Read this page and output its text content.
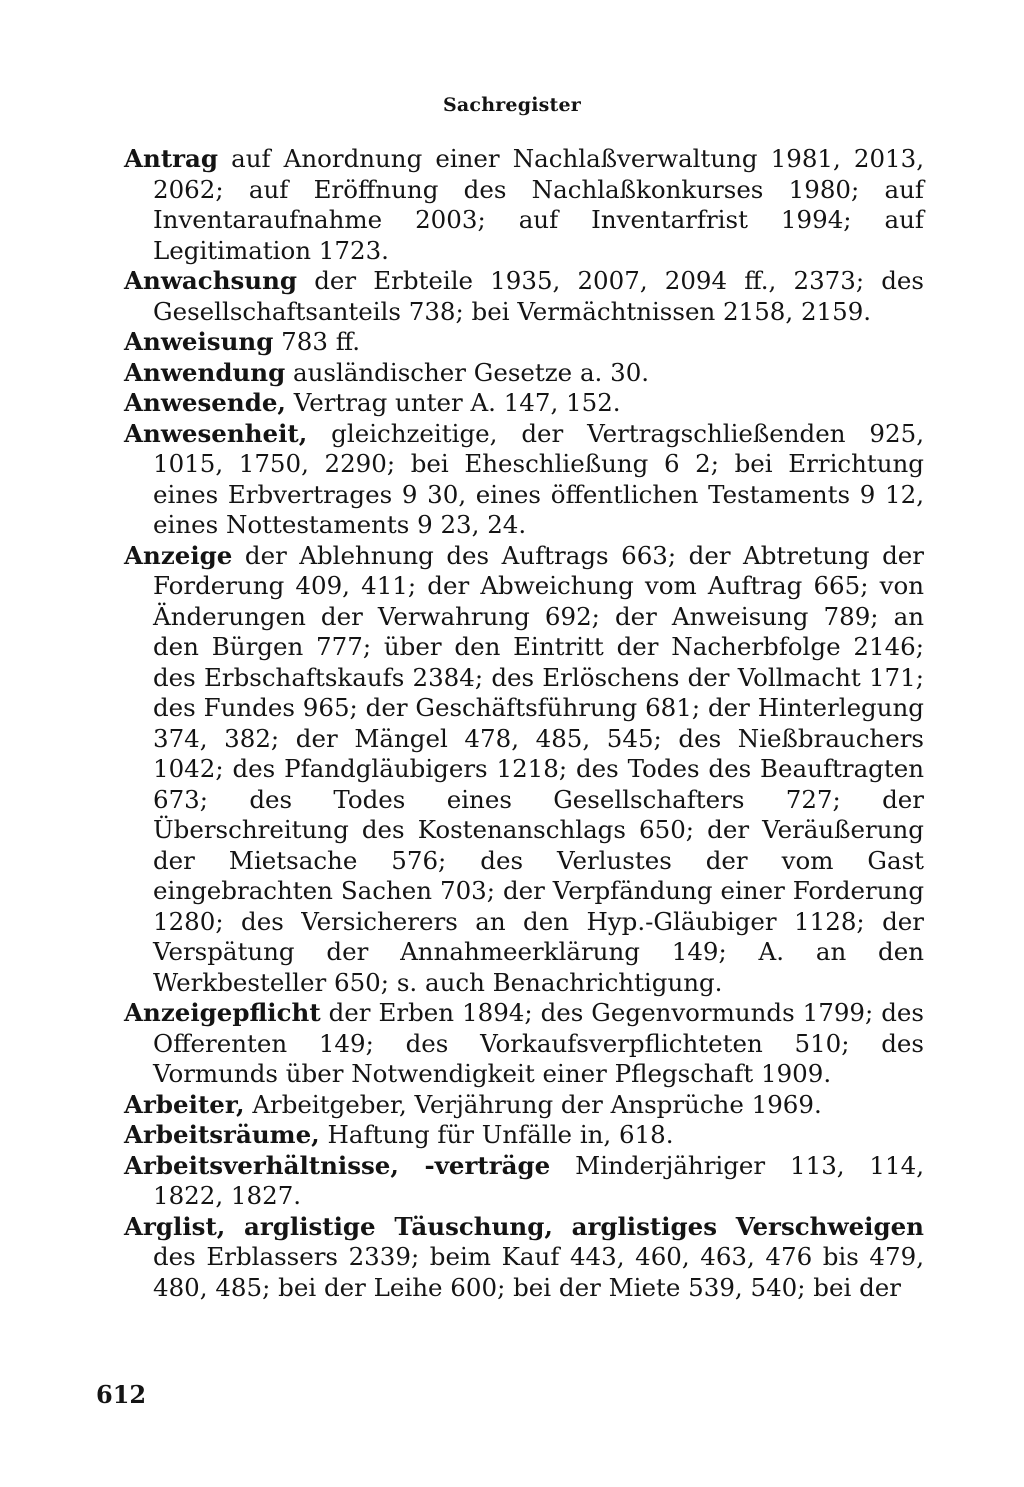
Sachregister
Antrag auf Anordnung einer Nachlaßverwaltung 1981, 2013, 2062; auf Eröffnung des Nachlaßkonkurses 1980; auf Inventaraufnahme 2003; auf Inventarfrist 1994; auf Legitimation 1723.
Anwachsung der Erbteile 1935, 2007, 2094 ff., 2373; des Gesellschaftsanteils 738; bei Vermächtnissen 2158, 2159.
Anweisung 783 ff.
Anwendung ausländischer Gesetze a. 30.
Anwesende, Vertrag unter A. 147, 152.
Anwesenheit, gleichzeitige, der Vertragschließenden 925, 1015, 1750, 2290; bei Eheschließung 6 2; bei Errichtung eines Erbvertrages 9 30, eines öffentlichen Testaments 9 12, eines Nottestaments 9 23, 24.
Anzeige der Ablehnung des Auftrags 663; der Abtretung der Forderung 409, 411; der Abweichung vom Auftrag 665; von Änderungen der Verwahrung 692; der Anweisung 789; an den Bürgen 777; über den Eintritt der Nacherbfolge 2146; des Erbschaftskaufs 2384; des Erlöschens der Vollmacht 171; des Fundes 965; der Geschäftsführung 681; der Hinterlegung 374, 382; der Mängel 478, 485, 545; des Nießbrauchers 1042; des Pfandgläubigers 1218; des Todes des Beauftragten 673; des Todes eines Gesellschafters 727; der Überschreitung des Kostenanschlags 650; der Veräußerung der Mietsache 576; des Verlustes der vom Gast eingebrachten Sachen 703; der Verpfändung einer Forderung 1280; des Versicherers an den Hyp.-Gläubiger 1128; der Verspätung der Annahmeerklärung 149; A. an den Werkbesteller 650; s. auch Benachrichtigung.
Anzeigepflicht der Erben 1894; des Gegenvormunds 1799; des Offerenten 149; des Vorkaufsverpflichteten 510; des Vormunds über Notwendigkeit einer Pflegschaft 1909.
Arbeiter, Arbeitgeber, Verjährung der Ansprüche 1969.
Arbeitsräume, Haftung für Unfälle in, 618.
Arbeitsverhältnisse, -verträge Minderjähriger 113, 114, 1822, 1827.
Arglist, arglistige Täuschung, arglistiges Verschweigen des Erblassers 2339; beim Kauf 443, 460, 463, 476 bis 479, 480, 485; bei der Leihe 600; bei der Miete 539, 540; bei der
612
